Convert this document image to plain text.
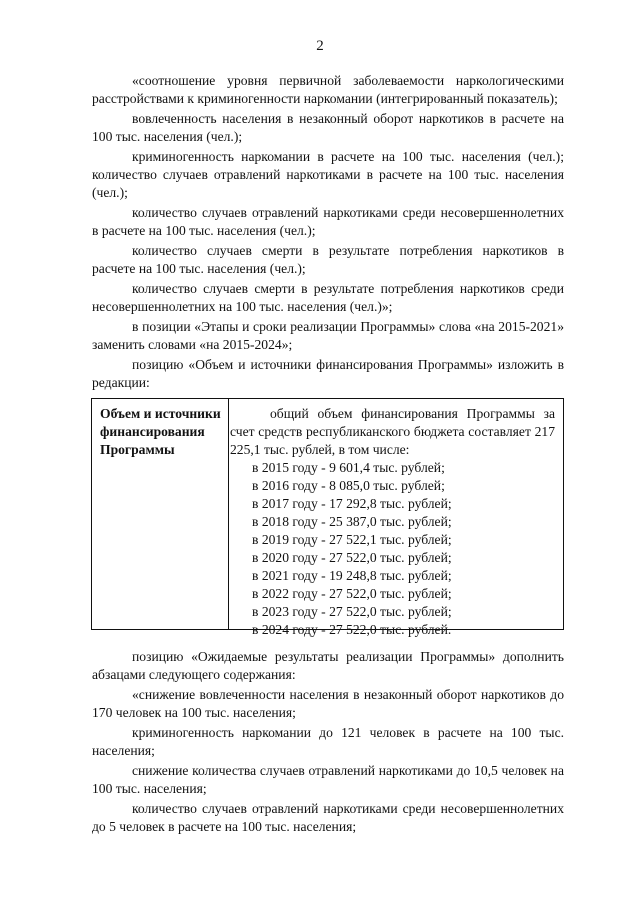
2

«соотношение уровня первичной заболеваемости наркологическими расстройствами к криминогенности наркомании (интегрированный показатель);

вовлеченность населения в незаконный оборот наркотиков в расчете на 100 тыс. населения (чел.);

криминогенность наркомании в расчете на 100 тыс. населения (чел.); количество случаев отравлений наркотиками в расчете на 100 тыс. населения (чел.);

количество случаев отравлений наркотиками среди несовершеннолетних в расчете на 100 тыс. населения (чел.);

количество случаев смерти в результате потребления наркотиков в расчете на 100 тыс. населения (чел.);

количество случаев смерти в результате потребления наркотиков среди несовершеннолетних на 100 тыс. населения (чел.)»;

в позиции «Этапы и сроки реализации Программы» слова «на 2015-2021» заменить словами «на 2015-2024»;

позицию «Объем и источники финансирования Программы» изложить в редакции:

Объем и источники финансирования Программы

общий объем финансирования Программы за счет средств республиканского бюджета составляет 217 225,1 тыс. рублей, в том числе:

в 2015 году - 9 601,4 тыс. рублей;
в 2016 году - 8 085,0 тыс. рублей;
в 2017 году - 17 292,8 тыс. рублей;
в 2018 году - 25 387,0 тыс. рублей;
в 2019 году - 27 522,1 тыс. рублей;
в 2020 году - 27 522,0 тыс. рублей;
в 2021 году - 19 248,8 тыс. рублей;
в 2022 году - 27 522,0 тыс. рублей;
в 2023 году - 27 522,0 тыс. рублей;
в 2024 году - 27 522,0 тыс. рублей.

позицию «Ожидаемые результаты реализации Программы» дополнить абзацами следующего содержания:

«снижение вовлеченности населения в незаконный оборот наркотиков до 170 человек на 100 тыс. населения;

криминогенность наркомании до 121 человек в расчете на 100 тыс. населения;

снижение количества случаев отравлений наркотиками до 10,5 человек на 100 тыс. населения;

количество случаев отравлений наркотиками среди несовершеннолетних до 5 человек в расчете на 100 тыс. населения;
